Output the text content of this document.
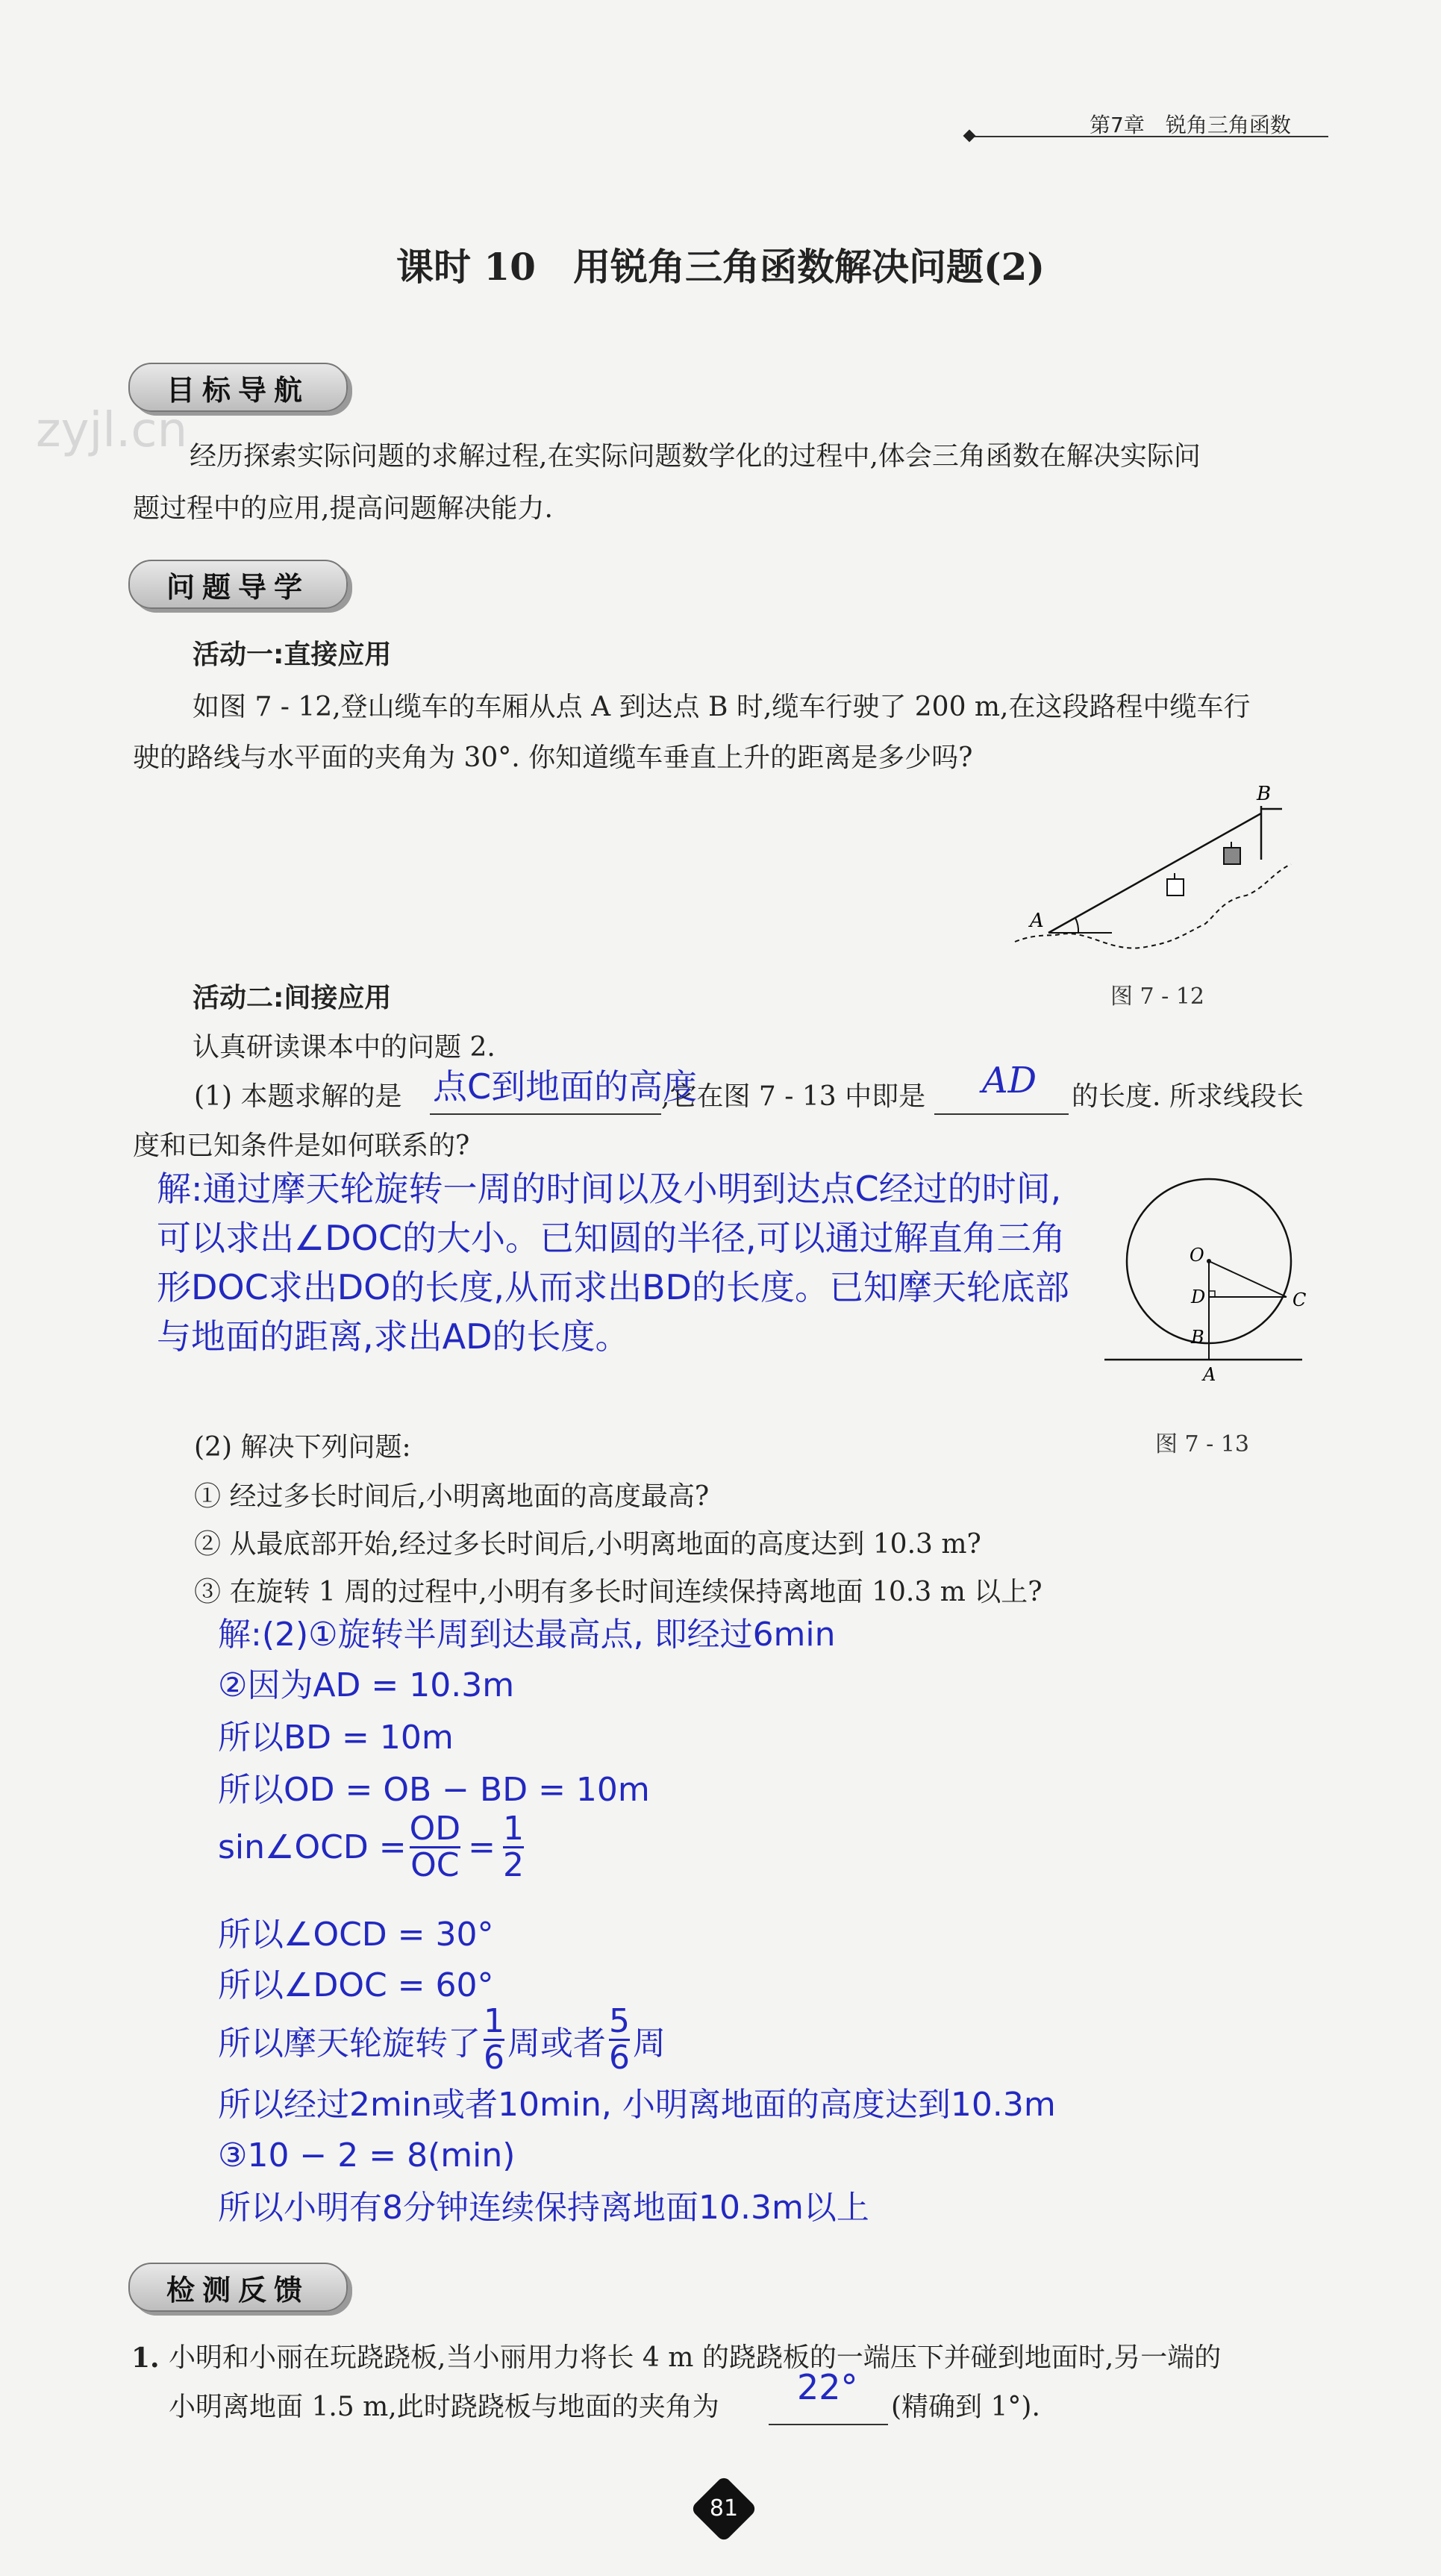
第7章　 锐角三角函数
课时 10　用锐角三角函数解决问题(2)
目标导航
zyjl.cn 经历探索实际问题的求解过程,在实际问题数学化的过程中,体会三角函数在解决实际问
题过程中的应用,提高问题解决能力.
问题导学
活动一:直接应用
如图 7 - 12,登山缆车的车厢从点 A 到达点 B 时,缆车行驶了 200 m,在这段路程中缆车行
驶的路线与水平面的夹角为 30°. 你知道缆车垂直上升的距离是多少吗?
A
B
图 7 - 12
活动二:间接应用
认真研读课本中的问题 2.
(1) 本题求解的是 点C到地面的高度
,它在图 7 - 13 中即是 AD 的长度. 所求线段长
度和已知条件是如何联系的?
解:通过摩天轮旋转一周的时间以及小明到达点C经过的时间,
可以求出∠DOC的大小。已知圆的半径,可以通过解直角三角
形DOC求出DO的长度,从而求出BD的长度。已知摩天轮底部
与地面的距离,求出AD的长度。
O
D
B
C
A
图 7 - 13
(2) 解决下列问题:
① 经过多长时间后,小明离地面的高度最高?
② 从最底部开始,经过多长时间后,小明离地面的高度达到 10.3 m?
③ 在旋转 1 周的过程中,小明有多长时间连续保持离地面 10.3 m 以上?
解:(2)①旋转半周到达最高点, 即经过6min
②因为AD = 10.3m
所以BD = 10m
所以OD = OB − BD = 10m
sin∠OCD = $\frac{OD}{OC} = \frac{1}{2}$
所以∠OCD = 30°
所以∠DOC = 60°
所以摩天轮旋转了 $\frac{1}{6}$ 周或者 $\frac{5}{6}$ 周
所以经过2min或者10min, 小明离地面的高度达到10.3m
③10 − 2 = 8(min)
所以小明有8分钟连续保持离地面10.3m以上
检测反馈
1. 小明和小丽在玩跷跷板,当小丽用力将长 4 m 的跷跷板的一端压下并碰到地面时,另一端的
小明离地面 1.5 m,此时跷跷板与地面的夹角为 22° (精确到 1°).
81
